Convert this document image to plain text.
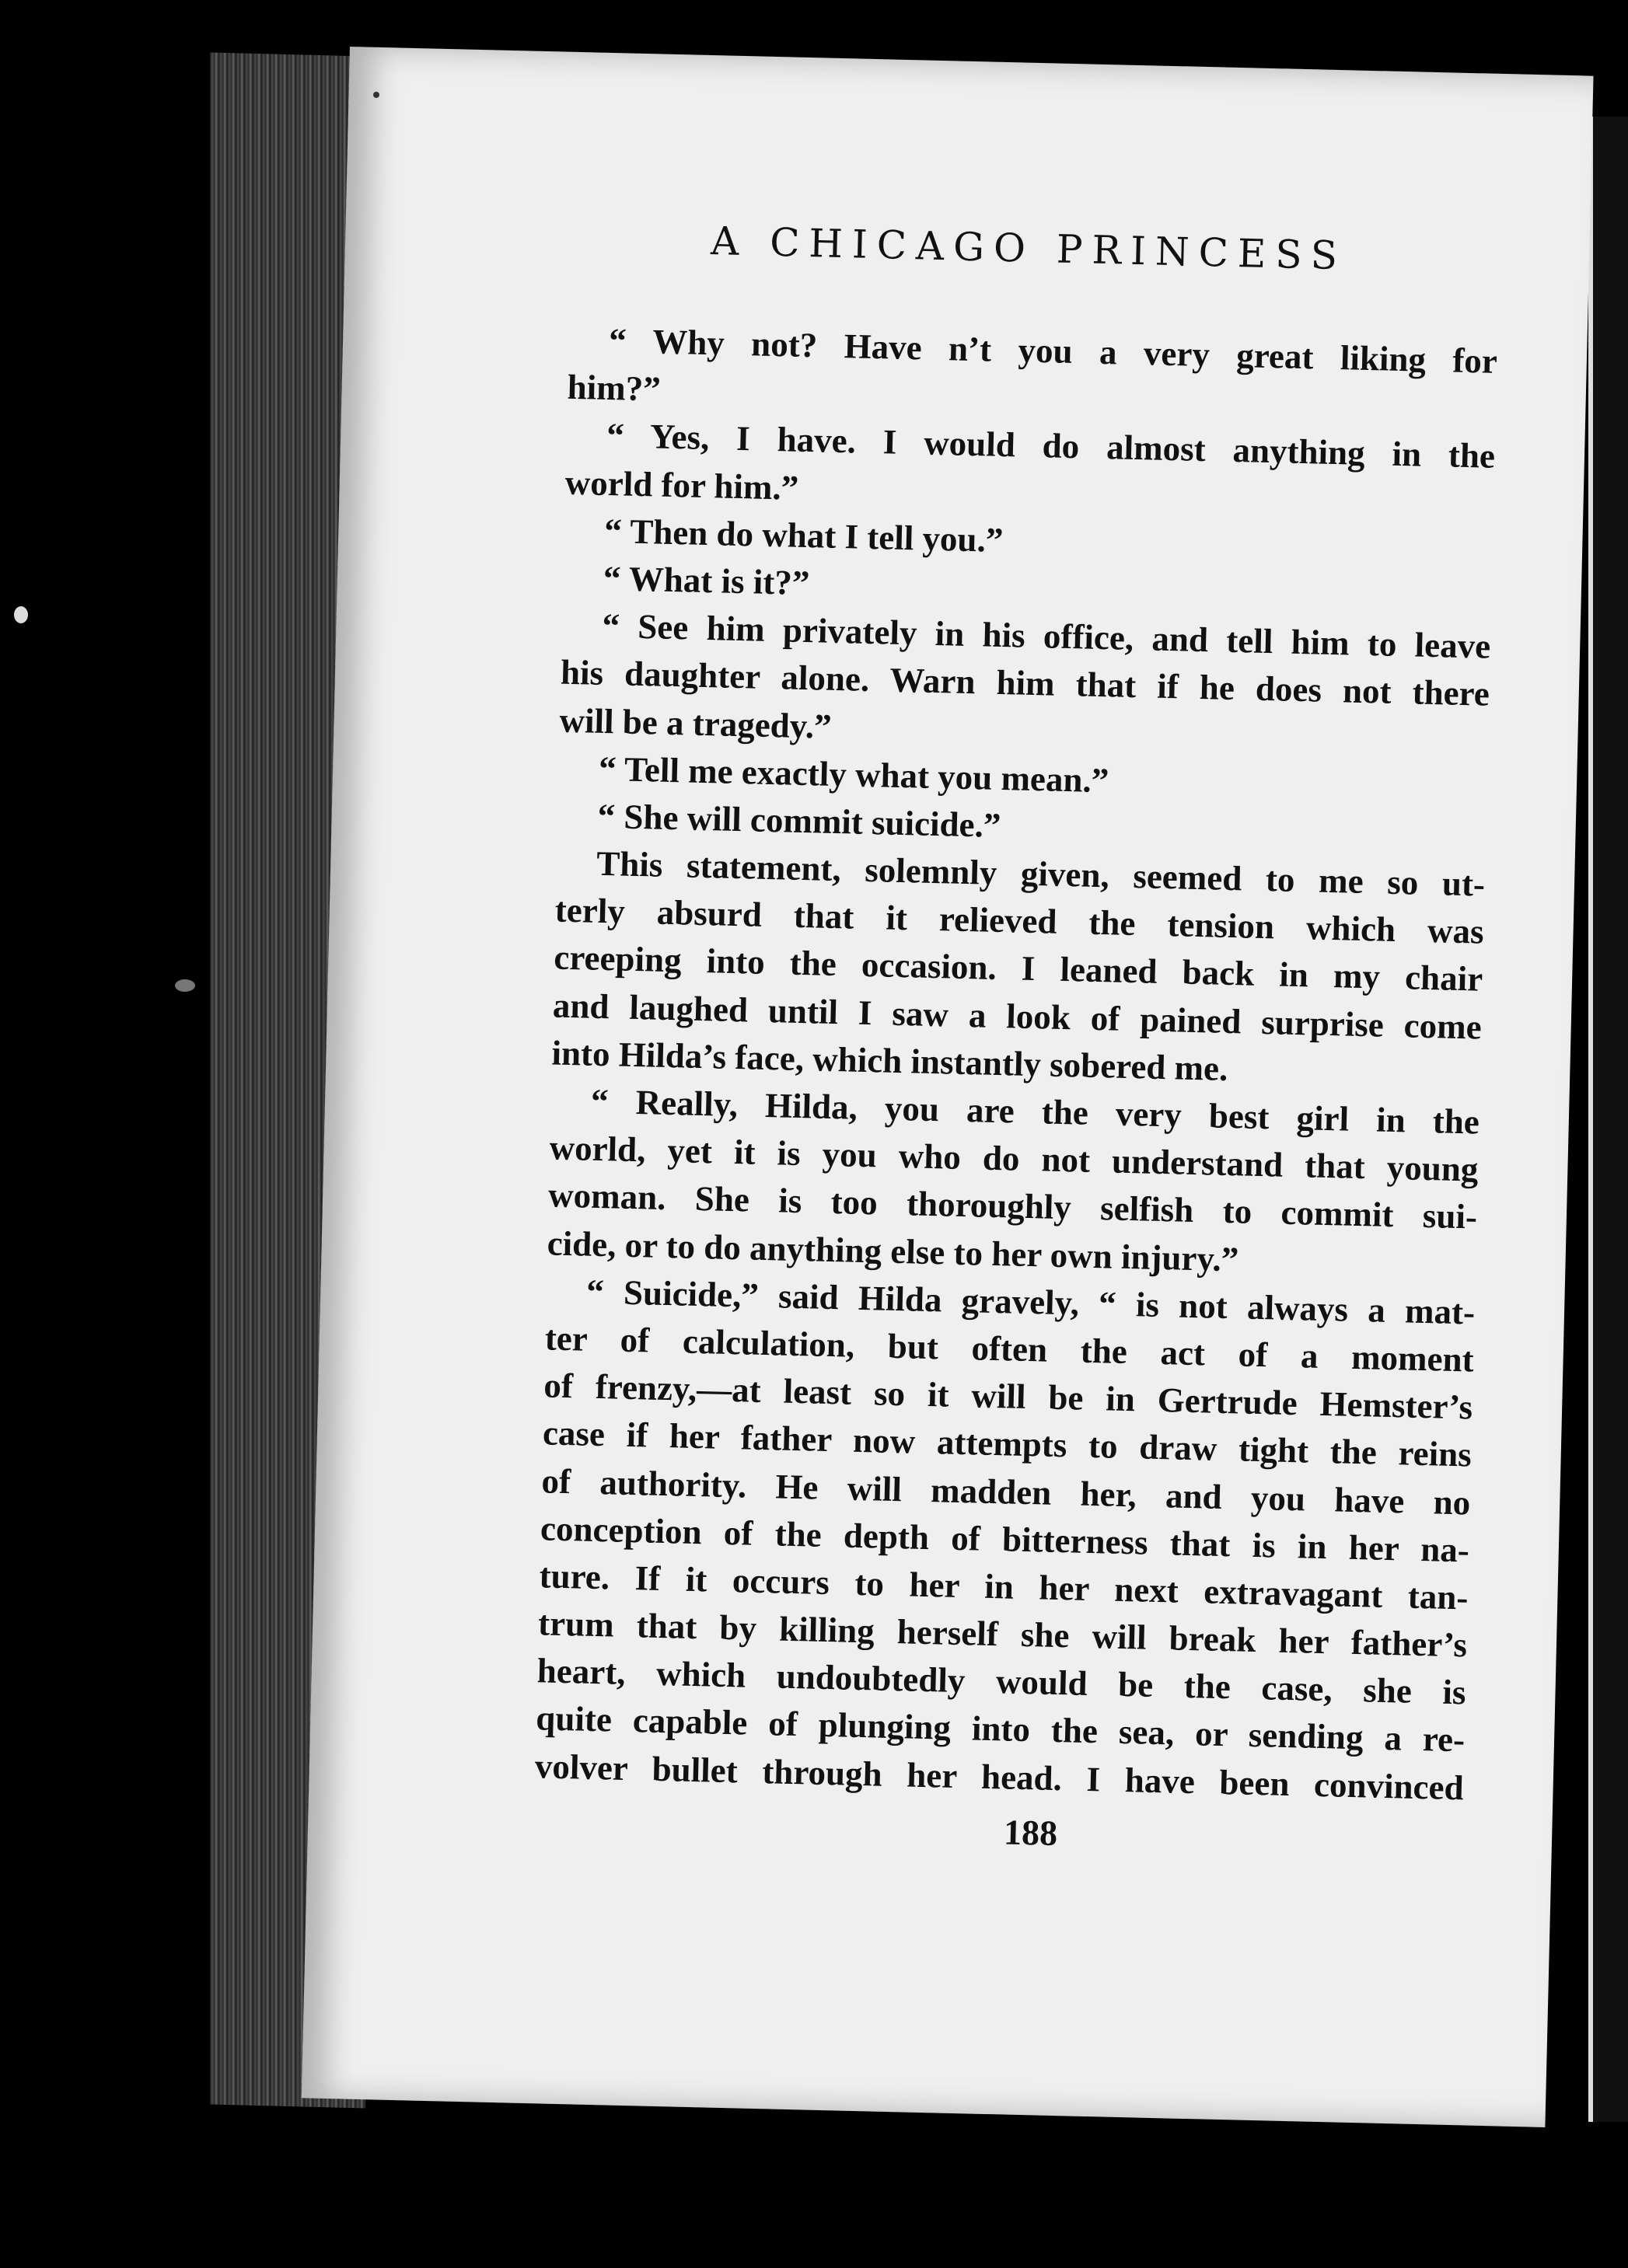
A CHICAGO PRINCESS
“ Why not? Have n’t you a very great liking for
him?”
“ Yes, I have. I would do almost anything in the
world for him.”
“ Then do what I tell you.”
“ What is it?”
“ See him privately in his office, and tell him to leave
his daughter alone. Warn him that if he does not there
will be a tragedy.”
“ Tell me exactly what you mean.”
“ She will commit suicide.”
This statement, solemnly given, seemed to me so ut-
terly absurd that it relieved the tension which was
creeping into the occasion. I leaned back in my chair
and laughed until I saw a look of pained surprise come
into Hilda’s face, which instantly sobered me.
“ Really, Hilda, you are the very best girl in the
world, yet it is you who do not understand that young
woman. She is too thoroughly selfish to commit sui-
cide, or to do anything else to her own injury.”
“ Suicide,” said Hilda gravely, “ is not always a mat-
ter of calculation, but often the act of a moment
of frenzy,—at least so it will be in Gertrude Hemster’s
case if her father now attempts to draw tight the reins
of authority. He will madden her, and you have no
conception of the depth of bitterness that is in her na-
ture. If it occurs to her in her next extravagant tan-
trum that by killing herself she will break her father’s
heart, which undoubtedly would be the case, she is
quite capable of plunging into the sea, or sending a re-
volver bullet through her head. I have been convinced
188
